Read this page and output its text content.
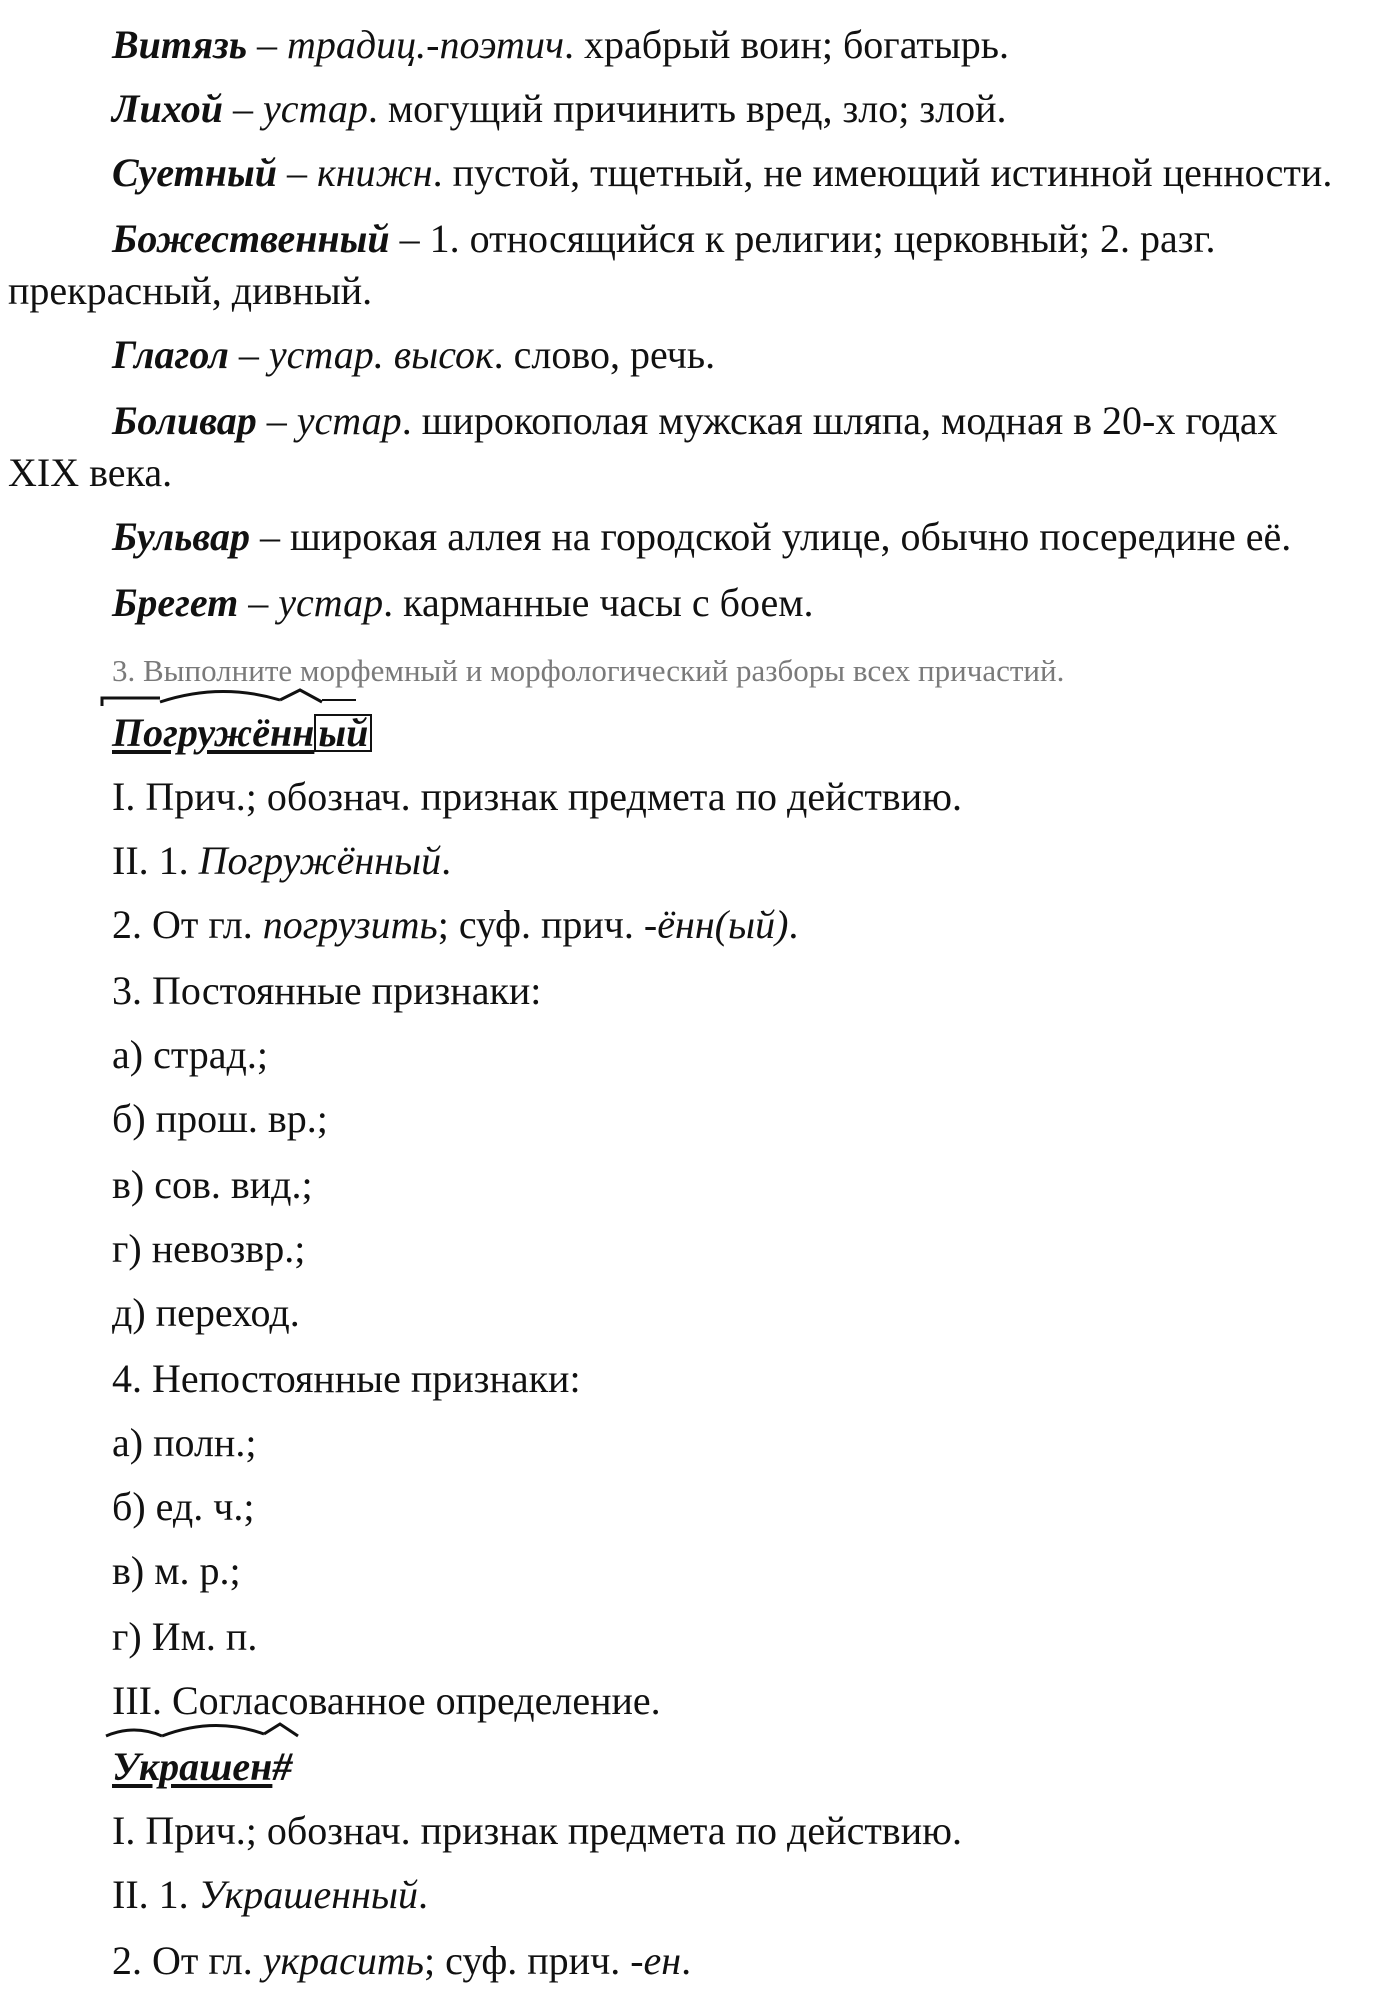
Витязь – традиц.-поэтич. храбрый воин; богатырь.
Лихой – устар. могущий причинить вред, зло; злой.
Суетный – книжн. пустой, тщетный, не имеющий истинной ценности.
Божественный – 1. относящийся к религии; церковный; 2. разг.
прекрасный, дивный.
Глагол – устар. высок. слово, речь.
Боливар – устар. широкополая мужская шляпа, модная в 20-х годах
XIX века.
Бульвар – широкая аллея на городской улице, обычно посередине её.
Брегет – устар. карманные часы с боем.
3. Выполните морфемный и морфологический разборы всех причастий.
Погружённ ый
I. Прич.; обознач. признак предмета по действию.
II. 1. Погружённый.
2. От гл. погрузить; суф. прич. -ённ(ый).
3. Постоянные признаки:
а) страд.;
б) прош. вр.;
в) сов. вид.;
г) невозвр.;
д) переход.
4. Непостоянные признаки:
а) полн.;
б) ед. ч.;
в) м. р.;
г) Им. п.
III. Согласованное определение.
Украшен#
I. Прич.; обознач. признак предмета по действию.
II. 1. Украшенный.
2. От гл. украсить; суф. прич. -ен.
